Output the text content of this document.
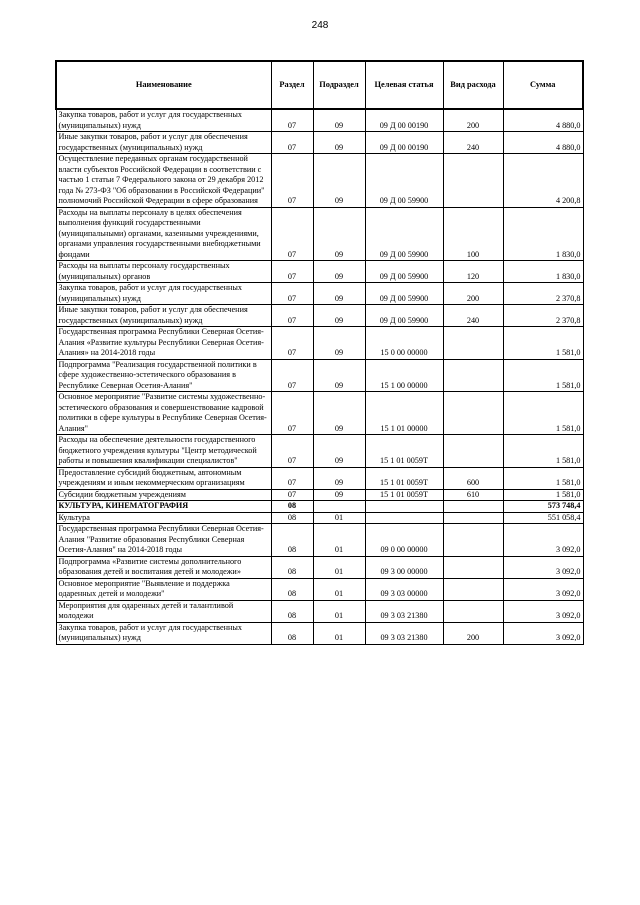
248
Наименование	Раздел	Подраздел	Целевая статья	Вид расхода	Сумма
Закупка товаров, работ и услуг для государственных (муниципальных) нужд	07	09	09 Д 00 00190	200	4 880,0
Иные закупки товаров, работ и услуг для обеспечения государственных (муниципальных) нужд	07	09	09 Д 00 00190	240	4 880,0
Осуществление переданных органам государственной власти субъектов Российской Федерации в соответствии с частью 1 статьи 7 Федерального закона от 29 декабря 2012 года № 273-ФЗ "Об образовании в Российской Федерации" полномочий Российской Федерации в сфере образования	07	09	09 Д 00 59900		4 200,8
Расходы на выплаты персоналу в целях обеспечения выполнения функций государственными (муниципальными) органами, казенными учреждениями, органами управления государственными внебюджетными фондами	07	09	09 Д 00 59900	100	1 830,0
Расходы на выплаты персоналу государственных (муниципальных) органов	07	09	09 Д 00 59900	120	1 830,0
Закупка товаров, работ и услуг для государственных (муниципальных) нужд	07	09	09 Д 00 59900	200	2 370,8
Иные закупки товаров, работ и услуг для обеспечения государственных (муниципальных) нужд	07	09	09 Д 00 59900	240	2 370,8
Государственная программа Республики Северная Осетия-Алания «Развитие культуры Республики Северная Осетия-Алания» на 2014-2018 годы	07	09	15 0 00 00000		1 581,0
Подпрограмма "Реализация государственной политики в сфере художественно-эстетического образования в Республике Северная Осетия-Алания"	07	09	15 1 00 00000		1 581,0
Основное мероприятие "Развитие системы художественно-эстетического образования и совершенствование кадровой политики в сфере культуры в Республике Северная Осетия-Алания"	07	09	15 1 01 00000		1 581,0
Расходы на обеспечение деятельности государственного бюджетного учреждения культуры "Центр методической работы и повышения квалификации специалистов"	07	09	15 1 01 0059Т		1 581,0
Предоставление субсидий бюджетным, автономным учреждениям и иным некоммерческим организациям	07	09	15 1 01 0059Т	600	1 581,0
Субсидии бюджетным учреждениям	07	09	15 1 01 0059Т	610	1 581,0
КУЛЬТУРА, КИНЕМАТОГРАФИЯ	08				573 748,4
Культура	08	01			551 058,4
Государственная программа Республики Северная Осетия-Алания "Развитие образования Республики Северная Осетия-Алания" на 2014-2018 годы	08	01	09 0 00 00000		3 092,0
Подпрограмма «Развитие системы дополнительного образования детей и воспитания детей и молодежи»	08	01	09 3 00 00000		3 092,0
Основное мероприятие "Выявление и поддержка одаренных детей и молодежи"	08	01	09 3 03 00000		3 092,0
Мероприятия для одаренных детей и талантливой молодежи	08	01	09 3 03 21380		3 092,0
Закупка товаров, работ и услуг для государственных (муниципальных) нужд	08	01	09 3 03 21380	200	3 092,0
